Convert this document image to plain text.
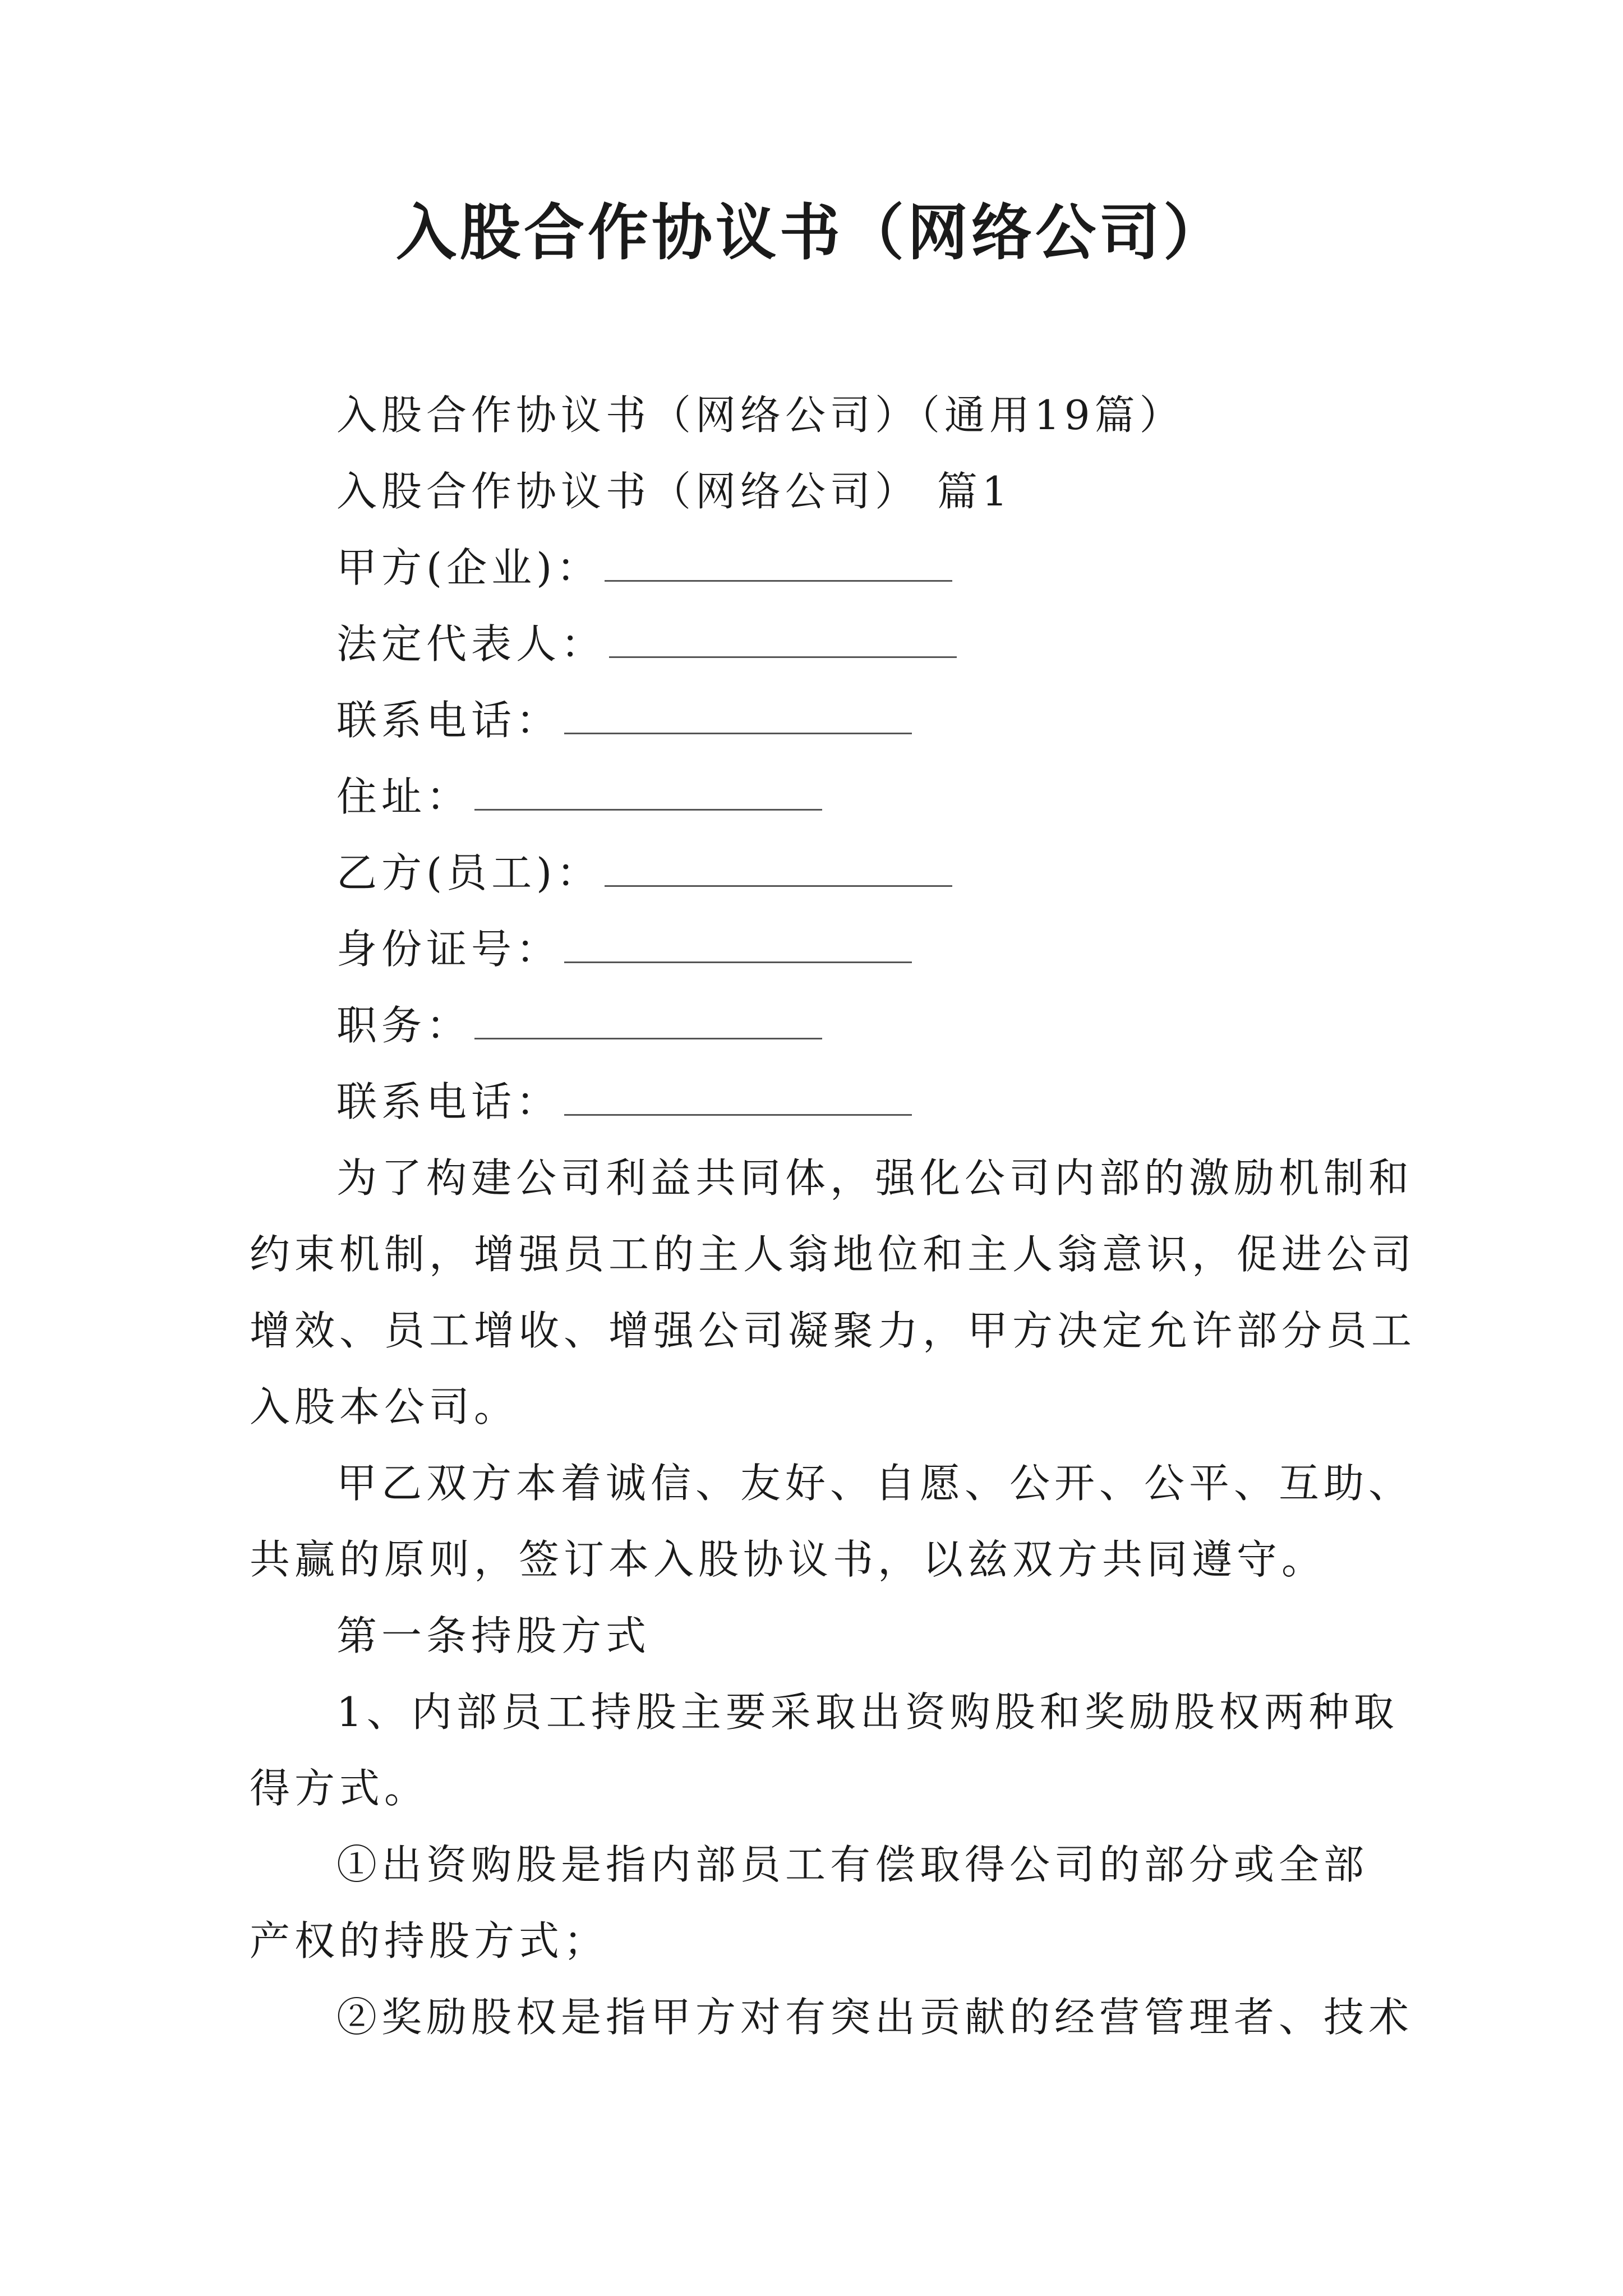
入股合作协议书（网络公司）
入股合作协议书（网络公司）（通用19篇）
入股合作协议书（网络公司） 篇1
甲方(企业)：
法定代表人：
联系电话：
住址：
乙方(员工)：
身份证号：
职务：
联系电话：
为了构建公司利益共同体，强化公司内部的激励机制和
约束机制，增强员工的主人翁地位和主人翁意识，促进公司
增效、员工增收、增强公司凝聚力，甲方决定允许部分员工
入股本公司。
甲乙双方本着诚信、友好、自愿、公开、公平、互助、
共赢的原则，签订本入股协议书，以兹双方共同遵守。
第一条持股方式
1、内部员工持股主要采取出资购股和奖励股权两种取
得方式。
①出资购股是指内部员工有偿取得公司的部分或全部
产权的持股方式；
②奖励股权是指甲方对有突出贡献的经营管理者、技术
